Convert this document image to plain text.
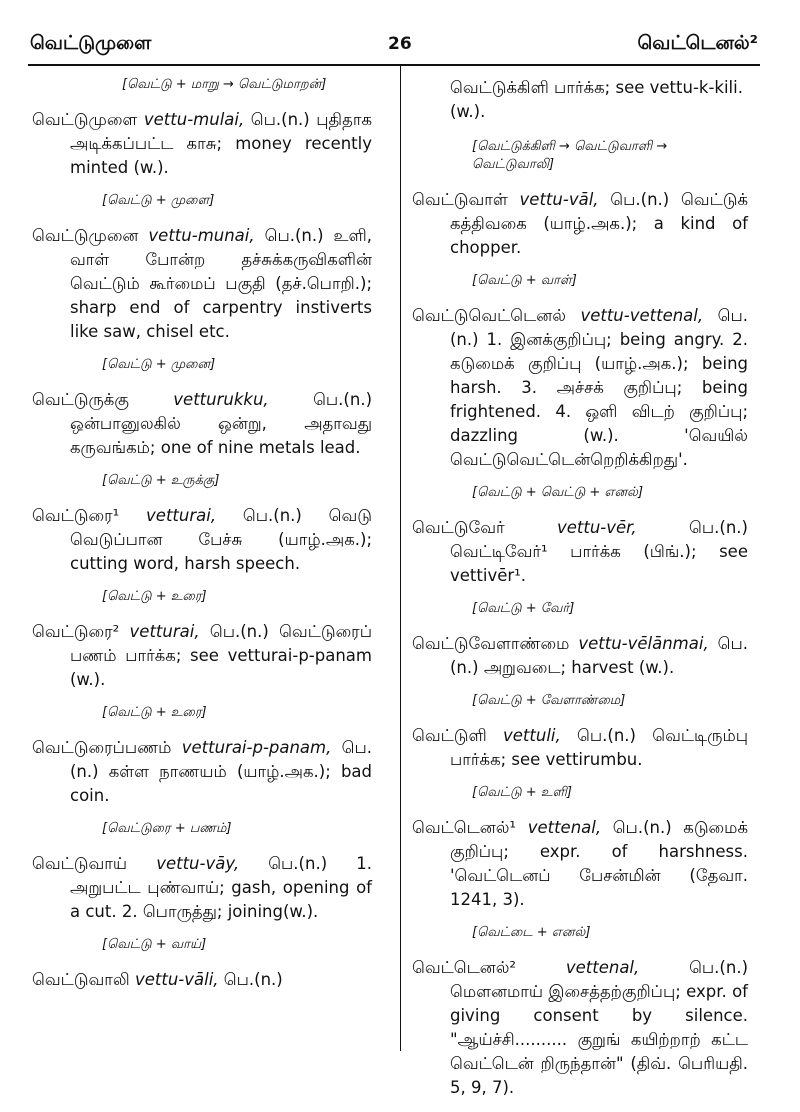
வெட்டுமுளை	26	வெட்டெனல்²
[வெட்டு + மாறு → வெட்டுமாறன்]

வெட்டுமுளை vettu-mulai, பெ.(n.) புதிதாக அடிக்கப்பட்ட காசு; money recently minted (w.).

[வெட்டு + முளை]

வெட்டுமுனை vettu-munai, பெ.(n.) உளி, வாள் போன்ற தச்சுக்கருவிகளின் வெட்டும் கூர்மைப் பகுதி (தச்.பொறி.); sharp end of carpentry instiverts like saw, chisel etc.

[வெட்டு + முனை]

வெட்டுருக்கு	vetturukku,	பெ.(n.) ஒன்பானுலகில் ஒன்று, அதாவது கருவங்கம்; one of nine metals lead.

[வெட்டு + உருக்கு]

வெட்டுரை¹ vetturai, பெ.(n.) வெடு வெடுப்பான பேச்சு (யாழ்.அக.); cutting word, harsh speech.

[வெட்டு + உரை]

வெட்டுரை² vetturai, பெ.(n.) வெட்டுரைப் பணம் பார்க்க; see vetturai-p-panam (w.).

[வெட்டு + உரை]

வெட்டுரைப்பணம் vetturai-p-panam, பெ.(n.) கள்ள நாணயம் (யாழ்.அக.); bad coin.

[வெட்டுரை + பணம்]

வெட்டுவாய் vettu-vāy, பெ.(n.) 1. அறுபட்ட புண்வாய்; gash, opening of a cut. 2. பொருத்து; joining(w.).

[வெட்டு + வாய்]

வெட்டுவாலி vettu-vāli, பெ.(n.)

வெட்டுக்கிளி பார்க்க; see vettu-k-kili.(w.).
[வெட்டுக்கிளி → வெட்டுவாளி → வெட்டுவாலி]

வெட்டுவாள் vettu-vāl, பெ.(n.) வெட்டுக் கத்திவகை (யாழ்.அக.); a kind of chopper.

[வெட்டு + வாள்]

வெட்டுவெட்டெனல் vettu-vettenal, பெ.(n.) 1. இனக்குறிப்பு; being angry. 2. கடுமைக் குறிப்பு (யாழ்.அக.); being harsh. 3. அச்சக் குறிப்பு; being frightened. 4. ஒளி விடற் குறிப்பு; dazzling (w.). 'வெயில் வெட்டுவெட்டென்றெறிக்கிறது'.

[வெட்டு + வெட்டு + எனல்]

வெட்டுவேர்	vettu-vēr,	பெ.(n.) வெட்டிவேர்¹ பார்க்க (பிங்.); see vettivēr¹.

[வெட்டு + வேர்]

வெட்டுவேளாண்மை vettu-vēlānmai, பெ.(n.) அறுவடை; harvest (w.).

[வெட்டு + வேளாண்மை]

வெட்டுளி vettuli, பெ.(n.) வெட்டிரும்பு பார்க்க; see vettirumbu.

[வெட்டு + உளி]

வெட்டெனல்¹ vettenal, பெ.(n.) கடுமைக் குறிப்பு; expr. of harshness. 'வெட்டெனப் பேசன்மின் (தேவா. 1241, 3).

[வெட்டை + எனல்]

வெட்டெனல்²	vettenal,	பெ.(n.) மௌனமாய் இசைத்தற்குறிப்பு; expr. of giving consent by silence. "ஆய்ச்சி.......... குறுங் கயிற்றாற் கட்ட வெட்டென் றிருந்தான்" (திவ். பெரியதி. 5, 9, 7).
